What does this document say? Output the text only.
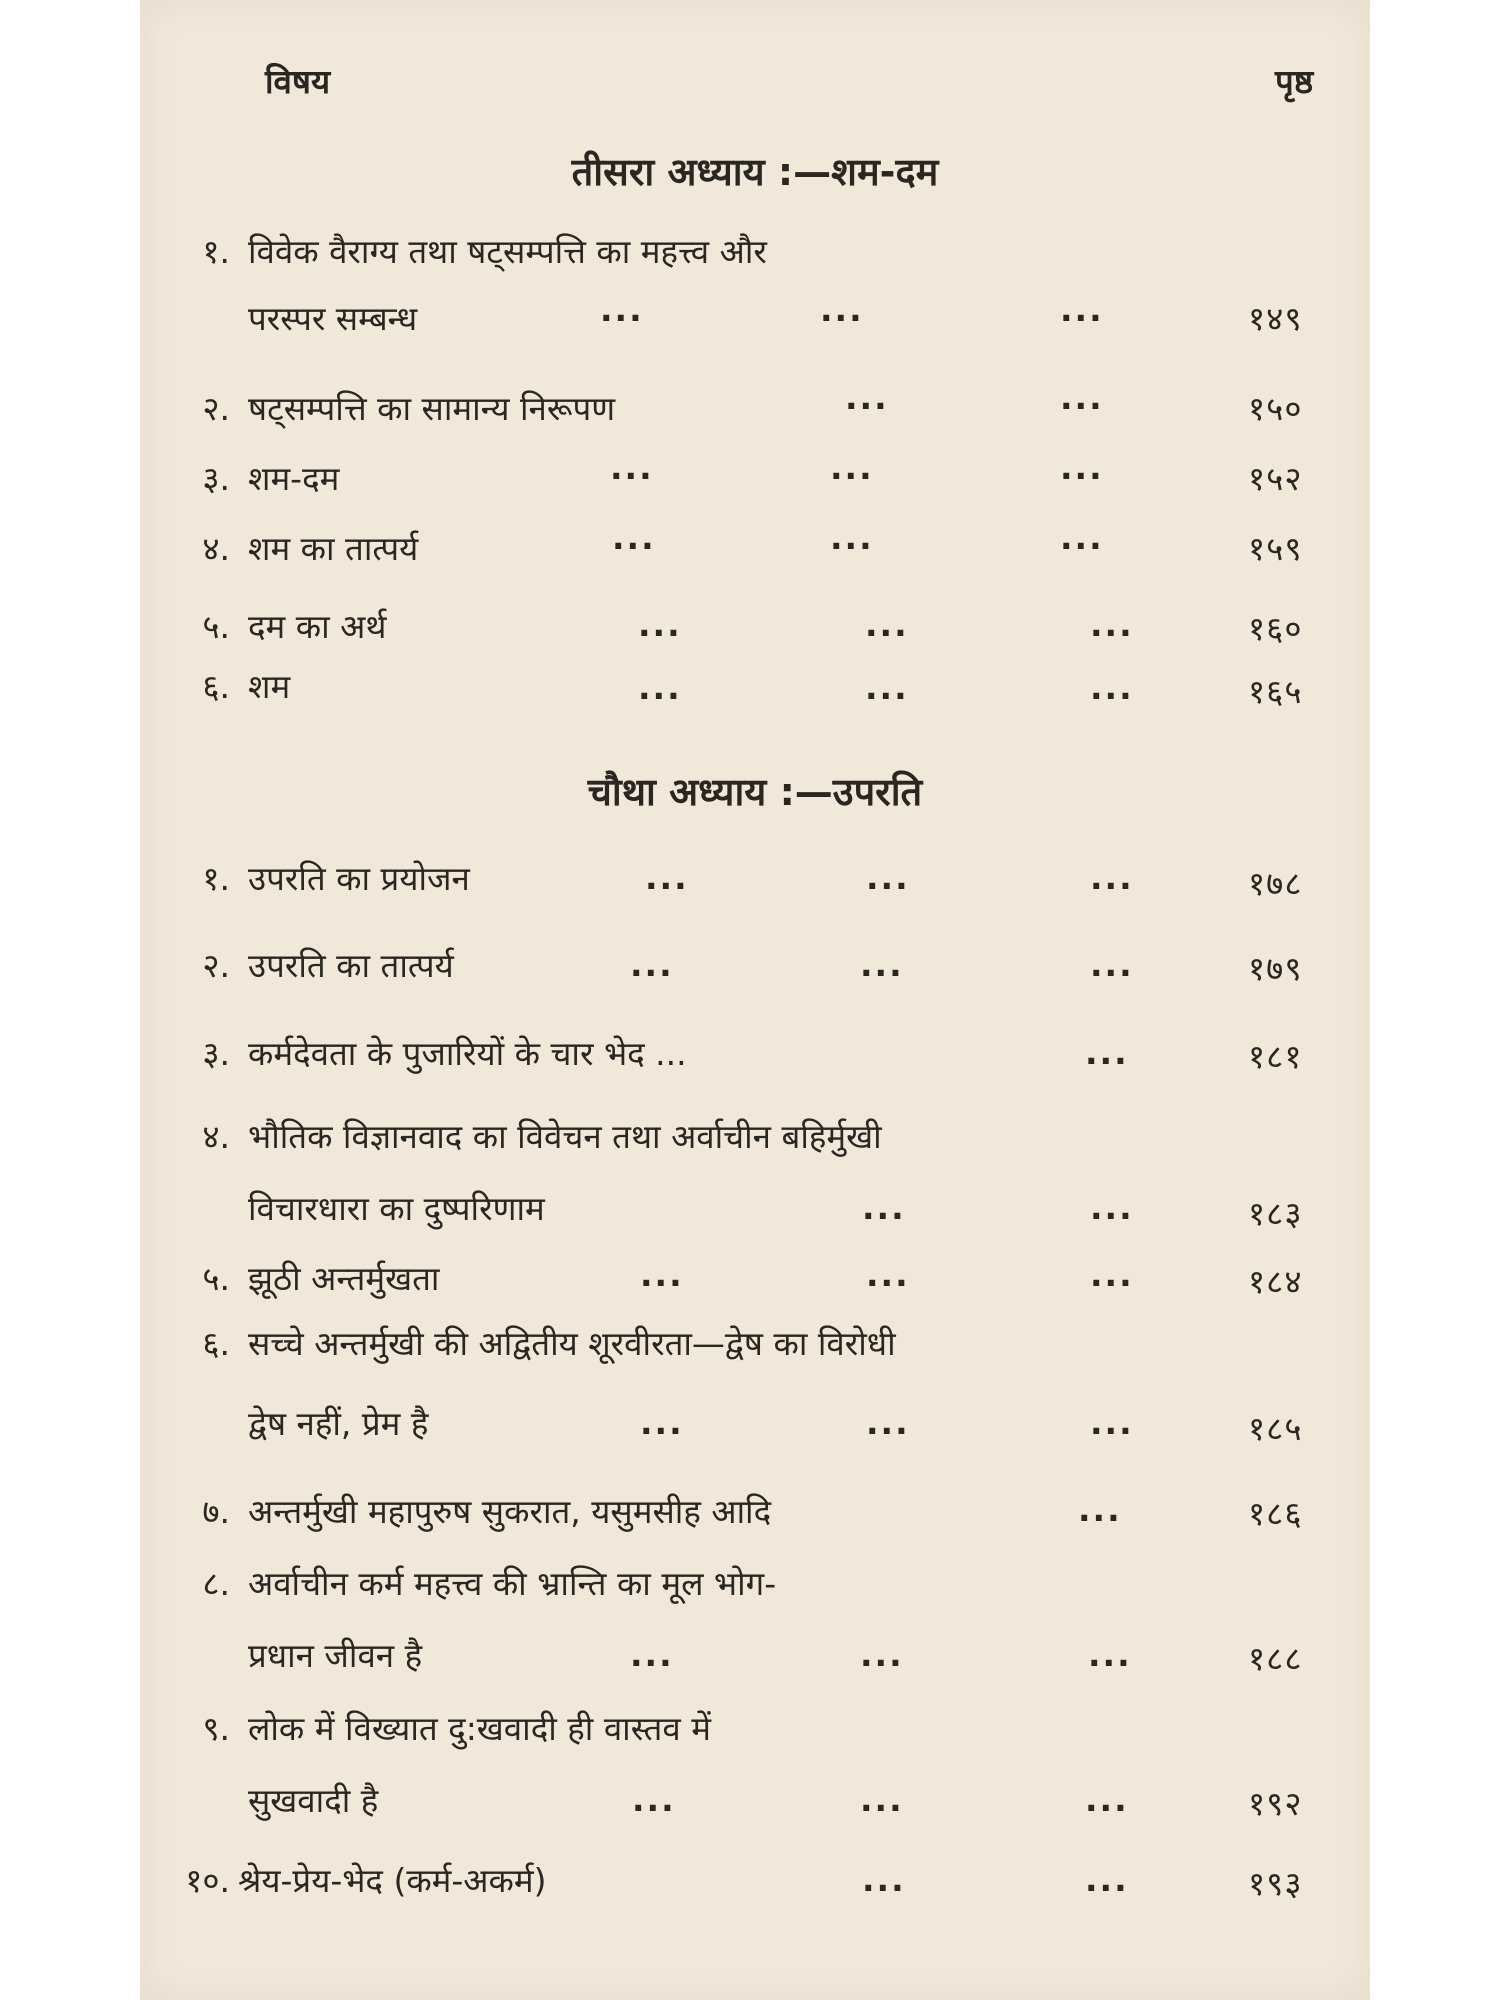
विषय	पृष्ठ
तीसरा अध्याय :—शम-दम
चौथा अध्याय :—उपरति
१. विवेक वैराग्य तथा षट्सम्पत्ति का महत्त्व और
परस्पर सम्बन्ध	...	...	...	१४९
२. षट्सम्पत्ति का सामान्य निरूपण	...	...	१५०
३. शम-दम	...	...	...	१५२
४. शम का तात्पर्य	...	...	...	१५९
५. दम का अर्थ	...	...	...	१६०
६. शम	...	...	...	१६५
१. उपरति का प्रयोजन	...	...	...	१७८
२. उपरति का तात्पर्य	...	...	...	१७९
३. कर्मदेवता के पुजारियों के चार भेद ...	...	१८१
४. भौतिक विज्ञानवाद का विवेचन तथा अर्वाचीन बहिर्मुखी
विचारधारा का दुष्परिणाम	...	...	१८३
५. झूठी अन्तर्मुखता	...	...	...	१८४
६. सच्चे अन्तर्मुखी की अद्वितीय शूरवीरता—द्वेष का विरोधी
द्वेष नहीं, प्रेम है	...	...	...	१८५
७. अन्तर्मुखी महापुरुष सुकरात, यसुमसीह आदि	...	१८६
८. अर्वाचीन कर्म महत्त्व की भ्रान्ति का मूल भोग-
प्रधान जीवन है	...	...	...	१८८
९. लोक में विख्यात दु:खवादी ही वास्तव में
सुखवादी है	...	...	...	१९२
१०. श्रेय-प्रेय-भेद (कर्म-अकर्म)	...	...	१९३
